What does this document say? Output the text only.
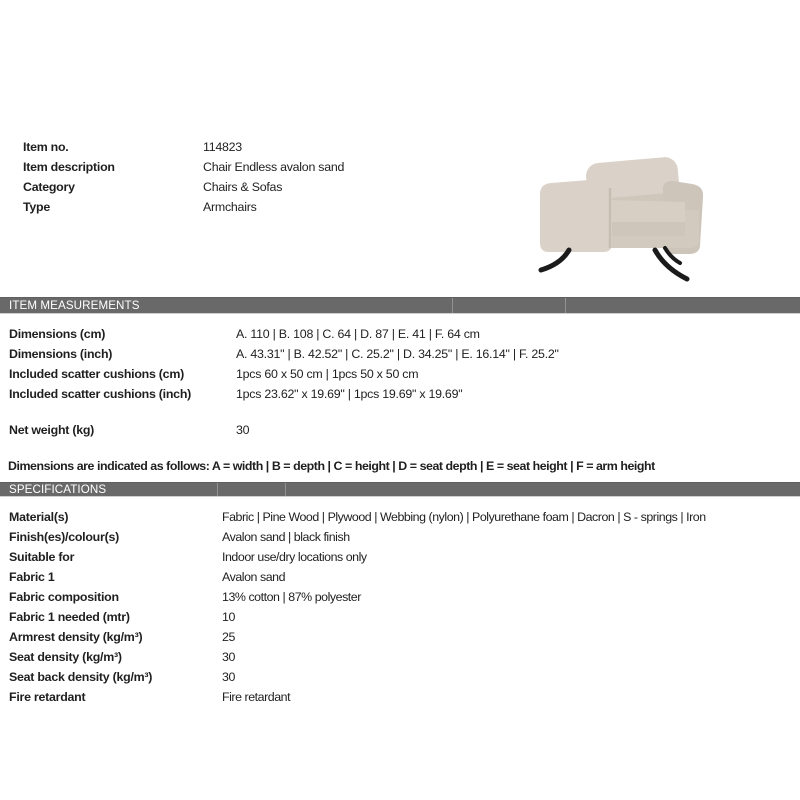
Item no.	114823
Item description	Chair Endless avalon sand
Category	Chairs & Sofas
Type	Armchairs
ITEM MEASUREMENTS
Dimensions (cm)	A. 110 | B. 108 | C. 64 | D. 87 | E. 41 | F. 64 cm
Dimensions (inch)	A. 43.31" | B. 42.52" | C. 25.2" | D. 34.25" | E. 16.14" | F. 25.2"
Included scatter cushions (cm)	1pcs 60 x 50 cm | 1pcs 50 x 50 cm
Included scatter cushions (inch)	1pcs 23.62" x 19.69" | 1pcs 19.69" x 19.69"
Net weight (kg)	30
Dimensions are indicated as follows: A = width | B = depth | C = height | D = seat depth | E = seat height | F = arm height
SPECIFICATIONS
Material(s)	Fabric | Pine Wood | Plywood | Webbing (nylon) | Polyurethane foam | Dacron | S - springs | Iron
Finish(es)/colour(s)	Avalon sand | black finish
Suitable for	Indoor use/dry locations only
Fabric 1	Avalon sand
Fabric composition	13% cotton | 87% polyester
Fabric 1 needed (mtr)	10
Armrest density (kg/m³)	25
Seat density (kg/m³)	30
Seat back density (kg/m³)	30
Fire retardant	Fire retardant
